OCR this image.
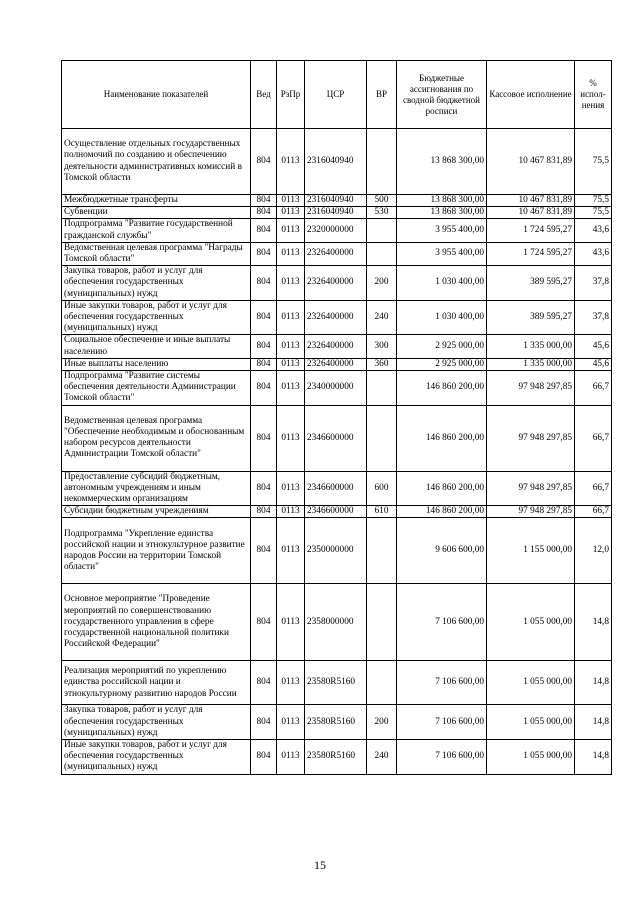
Наименование показателей	Вед	РзПр	ЦСР	ВР	Бюджетные ассигнования по сводной бюджетной росписи	Кассовое исполнение	% испол- нения
Осуществление отдельных государственных полномочий по созданию и обеспечению деятельности административных комиссий в Томской области	804	0113	2316040940		13 868 300,00	10 467 831,89	75,5
Межбюджетные трансферты	804	0113	2316040940	500	13 868 300,00	10 467 831,89	75,5
Субвенции	804	0113	2316040940	530	13 868 300,00	10 467 831,89	75,5
Подпрограмма "Развитие государственной гражданской службы"	804	0113	2320000000		3 955 400,00	1 724 595,27	43,6
Ведомственная целевая программа "Награды Томской области"	804	0113	2326400000		3 955 400,00	1 724 595,27	43,6
Закупка товаров, работ и услуг для обеспечения государственных (муниципальных) нужд	804	0113	2326400000	200	1 030 400,00	389 595,27	37,8
Иные закупки товаров, работ и услуг для обеспечения государственных (муниципальных) нужд	804	0113	2326400000	240	1 030 400,00	389 595,27	37,8
Социальное обеспечение и иные выплаты населению	804	0113	2326400000	300	2 925 000,00	1 335 000,00	45,6
Иные выплаты населению	804	0113	2326400000	360	2 925 000,00	1 335 000,00	45,6
Подпрограмма "Развитие системы обеспечения деятельности Администрации Томской области"	804	0113	2340000000		146 860 200,00	97 948 297,85	66,7
Ведомственная целевая программа "Обеспечение необходимым и обоснованным набором ресурсов деятельности Администрации Томской области"	804	0113	2346600000		146 860 200,00	97 948 297,85	66,7
Предоставление субсидий бюджетным, автономным учреждениям и иным некоммерческим организациям	804	0113	2346600000	600	146 860 200,00	97 948 297,85	66,7
Субсидии бюджетным учреждениям	804	0113	2346600000	610	146 860 200,00	97 948 297,85	66,7
Подпрограмма "Укрепление единства российской нации и этнокультурное развитие народов России на территории Томской области"	804	0113	2350000000		9 606 600,00	1 155 000,00	12,0
Основное мероприятие "Проведение мероприятий по совершенствованию государственного управления в сфере государственной национальной политики Российской Федерации"	804	0113	2358000000		7 106 600,00	1 055 000,00	14,8
Реализация мероприятий по укреплению единства российской нации и этнокультурному развитию народов России	804	0113	23580R5160		7 106 600,00	1 055 000,00	14,8
Закупка товаров, работ и услуг для обеспечения государственных (муниципальных) нужд	804	0113	23580R5160	200	7 106 600,00	1 055 000,00	14,8
Иные закупки товаров, работ и услуг для обеспечения государственных (муниципальных) нужд	804	0113	23580R5160	240	7 106 600,00	1 055 000,00	14,8
15
